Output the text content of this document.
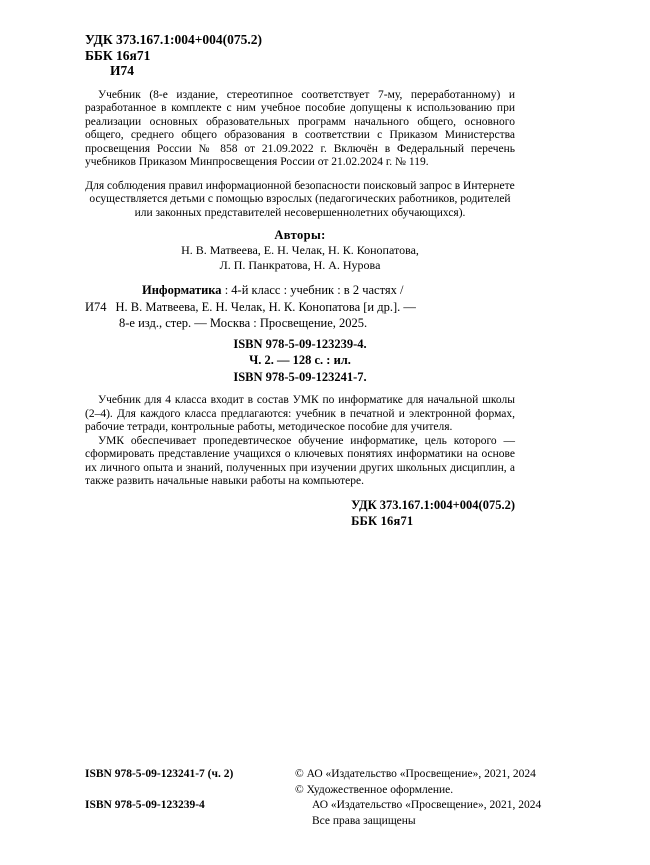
УДК 373.167.1:004+004(075.2)
ББК 16я71
И74
Учебник (8-е издание, стереотипное соответствует 7-му, переработанному) и разработанное в комплекте с ним учебное пособие допущены к использованию при реализации основных образовательных программ начального общего, основного общего, среднего общего образования в соответствии с Приказом Министерства просвещения России № 858 от 21.09.2022 г. Включён в Федеральный перечень учебников Приказом Минпросвещения России от 21.02.2024 г. № 119.
Для соблюдения правил информационной безопасности поисковый запрос в Интернете осуществляется детьми с помощью взрослых (педагогических работников, родителей или законных представителей несовершеннолетних обучающихся).
Авторы:
Н. В. Матвеева, Е. Н. Челак, Н. К. Конопатова,
Л. П. Панкратова, Н. А. Нурова
Информатика : 4-й класс : учебник : в 2 частях /
И74 Н. В. Матвеева, Е. Н. Челак, Н. К. Конопатова [и др.]. —
8-е изд., стер. — Москва : Просвещение, 2025.
ISBN 978-5-09-123239-4.
Ч. 2. — 128 с. : ил.
ISBN 978-5-09-123241-7.
Учебник для 4 класса входит в состав УМК по информатике для начальной школы (2–4). Для каждого класса предлагаются: учебник в печатной и электронной формах, рабочие тетради, контрольные работы, методическое пособие для учителя.
УМК обеспечивает пропедевтическое обучение информатике, цель которого — сформировать представление учащихся о ключевых понятиях информатики на основе их личного опыта и знаний, полученных при изучении других школьных дисциплин, а также развить начальные навыки работы на компьютере.
УДК 373.167.1:004+004(075.2)
ББК 16я71
ISBN 978-5-09-123241-7 (ч. 2)
ISBN 978-5-09-123239-4
© АО «Издательство «Просвещение», 2021, 2024
© Художественное оформление.
АО «Издательство «Просвещение», 2021, 2024
Все права защищены
